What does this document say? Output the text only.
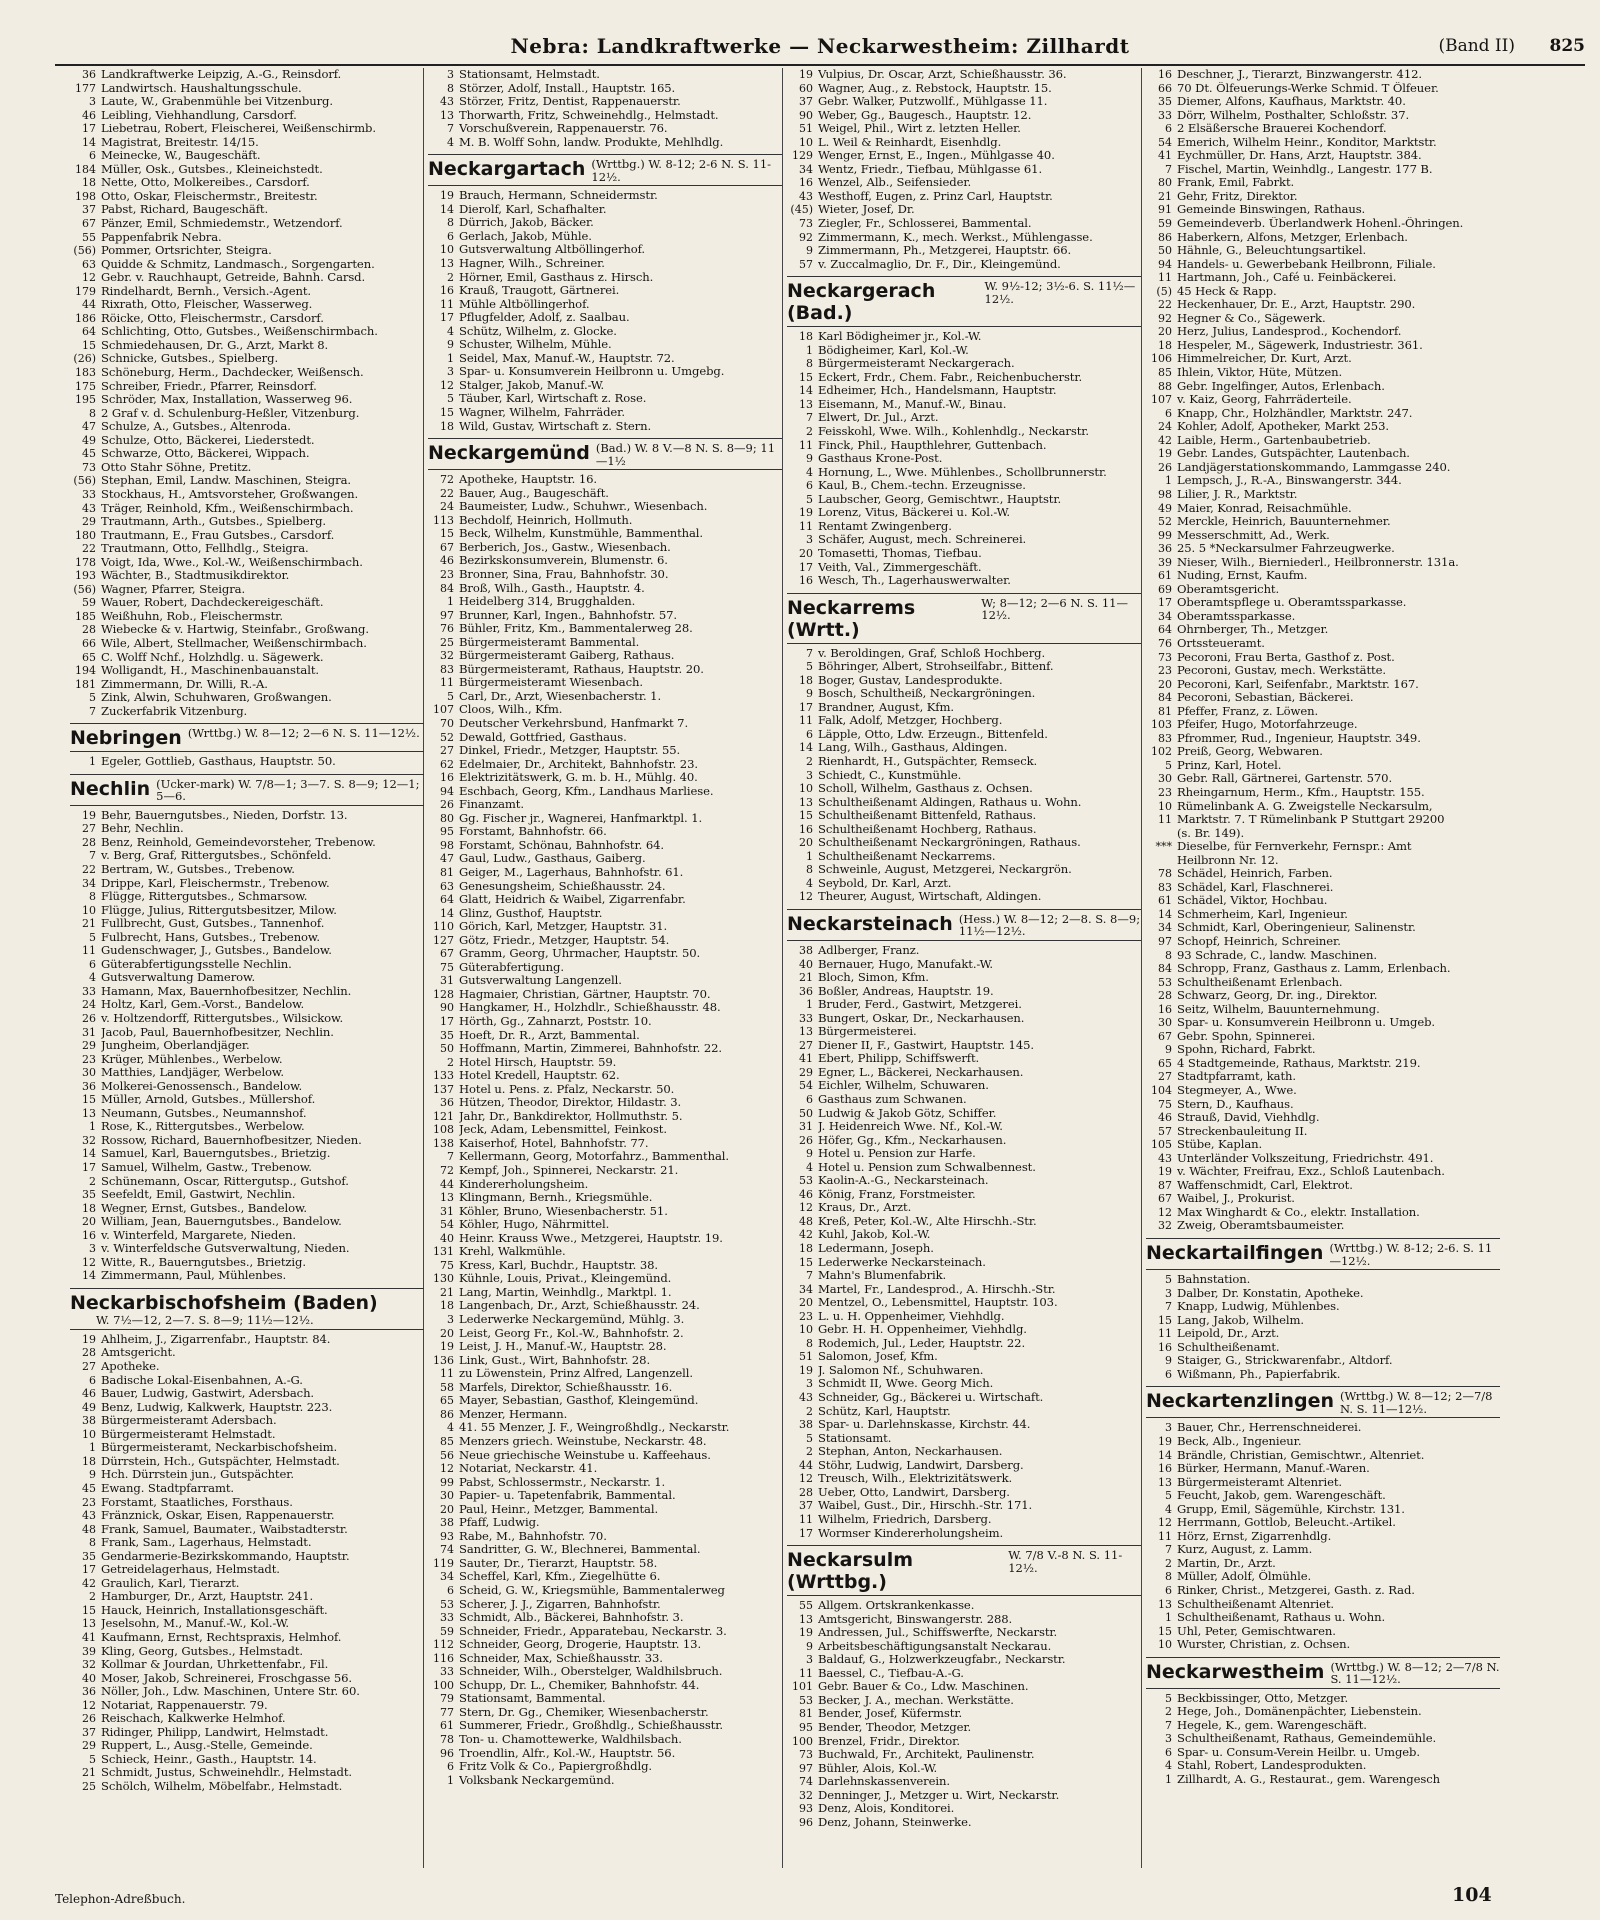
Nebra: Landkraftwerke — Neckarwestheim: Zillhardt	(Band II) 825
36 Landkraftwerke Leipzig, A.-G., Reinsdorf.
177 Landwirtsch. Haushaltungsschule.
3 Laute, W., Grabenmühle bei Vitzenburg.
46 Leibling, Viehhandlung, Carsdorf.
17 Liebetrau, Robert, Fleischerei, Weißenschirmb.
14 Magistrat, Breitestr. 14/15.
6 Meinecke, W., Baugeschäft.
184 Müller, Osk., Gutsbes., Kleineichstedt.
18 Nette, Otto, Molkereibes., Carsdorf.
198 Otto, Oskar, Fleischermstr., Breitestr.
37 Pabst, Richard, Baugeschäft.
67 Pänzer, Emil, Schmiedemstr., Wetzendorf.
55 Pappenfabrik Nebra.
(56) Pommer, Ortsrichter, Steigra.
63 Quidde & Schmitz, Landmasch., Sorgengarten.
12 Gebr. v. Rauchhaupt, Getreide, Bahnh. Carsd.
179 Rindelhardt, Bernh., Versich.-Agent.
44 Rixrath, Otto, Fleischer, Wasserweg.
186 Röicke, Otto, Fleischermstr., Carsdorf.
64 Schlichting, Otto, Gutsbes., Weißenschirmbach.
15 Schmiedehausen, Dr. G., Arzt, Markt 8.
(26) Schnicke, Gutsbes., Spielberg.
183 Schöneburg, Herm., Dachdecker, Weißensch.
175 Schreiber, Friedr., Pfarrer, Reinsdorf.
195 Schröder, Max, Installation, Wasserweg 96.
8 2 Graf v. d. Schulenburg-Heßler, Vitzenburg.
47 Schulze, A., Gutsbes., Altenroda.
49 Schulze, Otto, Bäckerei, Liederstedt.
45 Schwarze, Otto, Bäckerei, Wippach.
73 Otto Stahr Söhne, Pretitz.
(56) Stephan, Emil, Landw. Maschinen, Steigra.
33 Stockhaus, H., Amtsvorsteher, Großwangen.
43 Träger, Reinhold, Kfm., Weißenschirmbach.
29 Trautmann, Arth., Gutsbes., Spielberg.
180 Trautmann, E., Frau Gutsbes., Carsdorf.
22 Trautmann, Otto, Fellhdlg., Steigra.
178 Voigt, Ida, Wwe., Kol.-W., Weißenschirmbach.
193 Wächter, B., Stadtmusikdirektor.
(56) Wagner, Pfarrer, Steigra.
59 Wauer, Robert, Dachdeckereigeschäft.
185 Weißhuhn, Rob., Fleischermstr.
28 Wiebecke & v. Hartwig, Steinfabr., Großwang.
66 Wile, Albert, Stellmacher, Weißenschirmbach.
65 C. Wolff Nchf., Holzhdlg. u. Sägewerk.
194 Wolligandt, H., Maschinenbauanstalt.
181 Zimmermann, Dr. Willi, R.-A.
5 Zink, Alwin, Schuhwaren, Großwangen.
7 Zuckerfabrik Vitzenburg.
Nebringen (Wrttbg.) W. 8—12; 2—6 N. S. 11—12½.
1 Egeler, Gottlieb, Gasthaus, Hauptstr. 50.
Nechlin (Ucker-mark) W. 7/8—1; 3—7. S. 8—9; 12—1; 5—6.
19 Behr, Bauerngutsbes., Nieden, Dorfstr. 13.
27 Behr, Nechlin.
28 Benz, Reinhold, Gemeindevorsteher, Trebenow.
7 v. Berg, Graf, Rittergutsbes., Schönfeld.
22 Bertram, W., Gutsbes., Trebenow.
34 Drippe, Karl, Fleischermstr., Trebenow.
8 Flügge, Rittergutsbes., Schmarsow.
10 Flügge, Julius, Rittergutsbesitzer, Milow.
21 Fullbrecht, Gust, Gutsbes., Tannenhof.
5 Fulbrecht, Hans, Gutsbes., Trebenow.
11 Gudenschwager, J., Gutsbes., Bandelow.
6 Güterabfertigungsstelle Nechlin.
4 Gutsverwaltung Damerow.
33 Hamann, Max, Bauernhofbesitzer, Nechlin.
24 Holtz, Karl, Gem.-Vorst., Bandelow.
26 v. Holtzendorff, Rittergutsbes., Wilsickow.
31 Jacob, Paul, Bauernhofbesitzer, Nechlin.
29 Jungheim, Oberlandjäger.
23 Krüger, Mühlenbes., Werbelow.
30 Matthies, Landjäger, Werbelow.
36 Molkerei-Genossensch., Bandelow.
15 Müller, Arnold, Gutsbes., Müllershof.
13 Neumann, Gutsbes., Neumannshof.
1 Rose, K., Rittergutsbes., Werbelow.
32 Rossow, Richard, Bauernhofbesitzer, Nieden.
14 Samuel, Karl, Bauerngutsbes., Brietzig.
17 Samuel, Wilhelm, Gastw., Trebenow.
2 Schünemann, Oscar, Rittergutsp., Gutshof.
35 Seefeldt, Emil, Gastwirt, Nechlin.
18 Wegner, Ernst, Gutsbes., Bandelow.
20 William, Jean, Bauerngutsbes., Bandelow.
16 v. Winterfeld, Margarete, Nieden.
3 v. Winterfeldsche Gutsverwaltung, Nieden.
12 Witte, R., Bauerngutsbes., Brietzig.
14 Zimmermann, Paul, Mühlenbes.
Neckarbischofsheim (Baden)
W. 7½—12, 2—7. S. 8—9; 11½—12½.
19 Ahlheim, J., Zigarrenfabr., Hauptstr. 84.
28 Amtsgericht.
27 Apotheke.
6 Badische Lokal-Eisenbahnen, A.-G.
46 Bauer, Ludwig, Gastwirt, Adersbach.
49 Benz, Ludwig, Kalkwerk, Hauptstr. 223.
38 Bürgermeisteramt Adersbach.
10 Bürgermeisteramt Helmstadt.
1 Bürgermeisteramt, Neckarbischofsheim.
18 Dürrstein, Hch., Gutspächter, Helmstadt.
9 Hch. Dürrstein jun., Gutspächter.
45 Ewang. Stadtpfarramt.
23 Forstamt, Staatliches, Forsthaus.
43 Fränznick, Oskar, Eisen, Rappenauerstr.
48 Frank, Samuel, Baumater., Waibstadterstr.
8 Frank, Sam., Lagerhaus, Helmstadt.
35 Gendarmerie-Bezirkskommando, Hauptstr.
17 Getreidelagerhaus, Helmstadt.
42 Graulich, Karl, Tierarzt.
2 Hamburger, Dr., Arzt, Hauptstr. 241.
15 Hauck, Heinrich, Installationsgeschäft.
13 Jeselsohn, M., Manuf.-W., Kol.-W.
41 Kaufmann, Ernst, Rechtspraxis, Helmhof.
39 Kling, Georg, Gutsbes., Helmstadt.
32 Kollmar & Jourdan, Uhrkettenfabr., Fil.
40 Moser, Jakob, Schreinerei, Froschgasse 56.
36 Nöller, Joh., Ldw. Maschinen, Untere Str. 60.
12 Notariat, Rappenauerstr. 79.
26 Reischach, Kalkwerke Helmhof.
37 Ridinger, Philipp, Landwirt, Helmstadt.
29 Ruppert, L., Ausg.-Stelle, Gemeinde.
5 Schieck, Heinr., Gasth., Hauptstr. 14.
21 Schmidt, Justus, Schweinehdlr., Helmstadt.
25 Schölch, Wilhelm, Möbelfabr., Helmstadt.
3 Stationsamt, Helmstadt.
8 Störzer, Adolf, Install., Hauptstr. 165.
43 Störzer, Fritz, Dentist, Rappenauerstr.
13 Thorwarth, Fritz, Schweinehdlg., Helmstadt.
7 Vorschußverein, Rappenauerstr. 76.
4 M. B. Wolff Sohn, landw. Produkte, Mehlhdlg.
Neckargartach (Wrttbg.) W. 8-12; 2-6 N. S. 11-12½.
19 Brauch, Hermann, Schneidermstr.
14 Dierolf, Karl, Schafhalter.
8 Dürrich, Jakob, Bäcker.
6 Gerlach, Jakob, Mühle.
10 Gutsverwaltung Altböllingerhof.
13 Hagner, Wilh., Schreiner.
2 Hörner, Emil, Gasthaus z. Hirsch.
16 Krauß, Traugott, Gärtnerei.
11 Mühle Altböllingerhof.
17 Pflugfelder, Adolf, z. Saalbau.
4 Schütz, Wilhelm, z. Glocke.
9 Schuster, Wilhelm, Mühle.
1 Seidel, Max, Manuf.-W., Hauptstr. 72.
3 Spar- u. Konsumverein Heilbronn u. Umgebg.
12 Stalger, Jakob, Manuf.-W.
5 Täuber, Karl, Wirtschaft z. Rose.
15 Wagner, Wilhelm, Fahrräder.
18 Wild, Gustav, Wirtschaft z. Stern.
Neckargemünd (Bad.) W. 8 V.—8 N. S. 8—9; 11—1½
72 Apotheke, Hauptstr. 16.
22 Bauer, Aug., Baugeschäft.
24 Baumeister, Ludw., Schuhwr., Wiesenbach.
113 Bechdolf, Heinrich, Hollmuth.
15 Beck, Wilhelm, Kunstmühle, Bammenthal.
67 Berberich, Jos., Gastw., Wiesenbach.
46 Bezirkskonsumverein, Blumenstr. 6.
23 Bronner, Sina, Frau, Bahnhofstr. 30.
84 Broß, Wilh., Gasth., Hauptstr. 4.
1 Heidelberg 314, Brugghalden.
97 Brunner, Karl, Ingen., Bahnhofstr. 57.
76 Bühler, Fritz, Km., Bammentalerweg 28.
25 Bürgermeisteramt Bammental.
32 Bürgermeisteramt Gaiberg, Rathaus.
83 Bürgermeisteramt, Rathaus, Hauptstr. 20.
11 Bürgermeisteramt Wiesenbach.
5 Carl, Dr., Arzt, Wiesenbacherstr. 1.
107 Cloos, Wilh., Kfm.
70 Deutscher Verkehrsbund, Hanfmarkt 7.
52 Dewald, Gottfried, Gasthaus.
27 Dinkel, Friedr., Metzger, Hauptstr. 55.
62 Edelmaier, Dr., Architekt, Bahnhofstr. 23.
16 Elektrizitätswerk, G. m. b. H., Mühlg. 40.
94 Eschbach, Georg, Kfm., Landhaus Marliese.
26 Finanzamt.
80 Gg. Fischer jr., Wagnerei, Hanfmarktpl. 1.
95 Forstamt, Bahnhofstr. 66.
98 Forstamt, Schönau, Bahnhofstr. 64.
47 Gaul, Ludw., Gasthaus, Gaiberg.
81 Geiger, M., Lagerhaus, Bahnhofstr. 61.
63 Genesungsheim, Schießhausstr. 24.
64 Glatt, Heidrich & Waibel, Zigarrenfabr.
14 Glinz, Gusthof, Hauptstr.
110 Görich, Karl, Metzger, Hauptstr. 31.
127 Götz, Friedr., Metzger, Hauptstr. 54.
67 Gramm, Georg, Uhrmacher, Hauptstr. 50.
75 Güterabfertigung.
31 Gutsverwaltung Langenzell.
128 Hagmaier, Christian, Gärtner, Hauptstr. 70.
90 Hangkamer, H., Holzhdlr., Schießhausstr. 48.
17 Hörth, Gg., Zahnarzt, Poststr. 10.
35 Hoeft, Dr. R., Arzt, Bammental.
50 Hoffmann, Martin, Zimmerei, Bahnhofstr. 22.
2 Hotel Hirsch, Hauptstr. 59.
133 Hotel Kredell, Hauptstr. 62.
137 Hotel u. Pens. z. Pfalz, Neckarstr. 50.
36 Hützen, Theodor, Direktor, Hildastr. 3.
121 Jahr, Dr., Bankdirektor, Hollmuthstr. 5.
108 Jeck, Adam, Lebensmittel, Feinkost.
138 Kaiserhof, Hotel, Bahnhofstr. 77.
7 Kellermann, Georg, Motorfahrz., Bammenthal.
72 Kempf, Joh., Spinnerei, Neckarstr. 21.
44 Kindererholungsheim.
13 Klingmann, Bernh., Kriegsmühle.
31 Köhler, Bruno, Wiesenbacherstr. 51.
54 Köhler, Hugo, Nährmittel.
40 Heinr. Krauss Wwe., Metzgerei, Hauptstr. 19.
131 Krehl, Walkmühle.
75 Kress, Karl, Buchdr., Hauptstr. 38.
130 Kühnle, Louis, Privat., Kleingemünd.
21 Lang, Martin, Weinhdlg., Marktpl. 1.
18 Langenbach, Dr., Arzt, Schießhausstr. 24.
3 Lederwerke Neckargemünd, Mühlg. 3.
20 Leist, Georg Fr., Kol.-W., Bahnhofstr. 2.
19 Leist, J. H., Manuf.-W., Hauptstr. 28.
136 Link, Gust., Wirt, Bahnhofstr. 28.
11 zu Löwenstein, Prinz Alfred, Langenzell.
58 Marfels, Direktor, Schießhausstr. 16.
65 Mayer, Sebastian, Gasthof, Kleingemünd.
86 Menzer, Hermann.
4 41. 55 Menzer, J. F., Weingroßhdlg., Neckarstr.
85 Menzers griech. Weinstube, Neckarstr. 48.
56 Neue griechische Weinstube u. Kaffeehaus.
12 Notariat, Neckarstr. 41.
99 Pabst, Schlossermstr., Neckarstr. 1.
30 Papier- u. Tapetenfabrik, Bammental.
20 Paul, Heinr., Metzger, Bammental.
38 Pfaff, Ludwig.
93 Rabe, M., Bahnhofstr. 70.
74 Sandritter, G. W., Blechnerei, Bammental.
119 Sauter, Dr., Tierarzt, Hauptstr. 58.
34 Scheffel, Karl, Kfm., Ziegelhütte 6.
6 Scheid, G. W., Kriegsmühle, Bammentalerweg
53 Scherer, J. J., Zigarren, Bahnhofstr.
33 Schmidt, Alb., Bäckerei, Bahnhofstr. 3.
59 Schneider, Friedr., Apparatebau, Neckarstr. 3.
112 Schneider, Georg, Drogerie, Hauptstr. 13.
116 Schneider, Max, Schießhausstr. 33.
33 Schneider, Wilh., Oberstelger, Waldhilsbruch.
100 Schupp, Dr. L., Chemiker, Bahnhofstr. 44.
79 Stationsamt, Bammental.
77 Stern, Dr. Gg., Chemiker, Wiesenbacherstr.
61 Summerer, Friedr., Großhdlg., Schießhausstr.
78 Ton- u. Chamottewerke, Waldhilsbach.
96 Troendlin, Alfr., Kol.-W., Hauptstr. 56.
6 Fritz Volk & Co., Papiergroßhdlg.
1 Volksbank Neckargemünd.
19 Vulpius, Dr. Oscar, Arzt, Schießhausstr. 36.
60 Wagner, Aug., z. Rebstock, Hauptstr. 15.
37 Gebr. Walker, Putzwollf., Mühlgasse 11.
90 Weber, Gg., Baugesch., Hauptstr. 12.
51 Weigel, Phil., Wirt z. letzten Heller.
10 L. Weil & Reinhardt, Eisenhdlg.
129 Wenger, Ernst, E., Ingen., Mühlgasse 40.
34 Wentz, Friedr., Tiefbau, Mühlgasse 61.
16 Wenzel, Alb., Seifensieder.
43 Westhoff, Eugen, z. Prinz Carl, Hauptstr.
(45) Wieter, Josef, Dr.
73 Ziegler, Fr., Schlosserei, Bammental.
92 Zimmermann, K., mech. Werkst., Mühlengasse.
9 Zimmermann, Ph., Metzgerei, Hauptstr. 66.
57 v. Zuccalmaglio, Dr. F., Dir., Kleingemünd.
Neckargerach (Bad.)
W. 9½-12; 3½-6. S. 11½—12½.
18 Karl Bödigheimer jr., Kol.-W.
1 Bödigheimer, Karl, Kol.-W.
8 Bürgermeisteramt Neckargerach.
15 Eckert, Frdr., Chem. Fabr., Reichenbucherstr.
14 Edheimer, Hch., Handelsmann, Hauptstr.
13 Eisemann, M., Manuf.-W., Binau.
7 Elwert, Dr. Jul., Arzt.
2 Feisskohl, Wwe. Wilh., Kohlenhdlg., Neckarstr.
11 Finck, Phil., Haupthlehrer, Guttenbach.
9 Gasthaus Krone-Post.
4 Hornung, L., Wwe. Mühlenbes., Schollbrunnerstr.
6 Kaul, B., Chem.-techn. Erzeugnisse.
5 Laubscher, Georg, Gemischtwr., Hauptstr.
19 Lorenz, Vitus, Bäckerei u. Kol.-W.
11 Rentamt Zwingenberg.
3 Schäfer, August, mech. Schreinerei.
20 Tomasetti, Thomas, Tiefbau.
17 Veith, Val., Zimmergeschäft.
16 Wesch, Th., Lagerhauswerwalter.
Neckarrems (Wrtt.)
W; 8—12; 2—6 N. S. 11—12½.
7 v. Beroldingen, Graf, Schloß Hochberg.
5 Böhringer, Albert, Strohseilfabr., Bittenf.
18 Boger, Gustav, Landesprodukte.
9 Bosch, Schultheiß, Neckargröningen.
17 Brandner, August, Kfm.
11 Falk, Adolf, Metzger, Hochberg.
6 Läpple, Otto, Ldw. Erzeugn., Bittenfeld.
14 Lang, Wilh., Gasthaus, Aldingen.
2 Rienhardt, H., Gutspächter, Remseck.
3 Schiedt, C., Kunstmühle.
10 Scholl, Wilhelm, Gasthaus z. Ochsen.
13 Schultheißenamt Aldingen, Rathaus u. Wohn.
15 Schultheißenamt Bittenfeld, Rathaus.
16 Schultheißenamt Hochberg, Rathaus.
20 Schultheißenamt Neckargröningen, Rathaus.
1 Schultheißenamt Neckarrems.
8 Schweinle, August, Metzgerei, Neckargrön.
4 Seybold, Dr. Karl, Arzt.
12 Theurer, August, Wirtschaft, Aldingen.
Neckarsteinach (Hess.) W. 8—12; 2—8. S. 8—9; 11½—12½.
38 Adlberger, Franz.
40 Bernauer, Hugo, Manufakt.-W.
21 Bloch, Simon, Kfm.
36 Boßler, Andreas, Hauptstr. 19.
1 Bruder, Ferd., Gastwirt, Metzgerei.
33 Bungert, Oskar, Dr., Neckarhausen.
13 Bürgermeisterei.
27 Diener II, F., Gastwirt, Hauptstr. 145.
41 Ebert, Philipp, Schiffswerft.
29 Egner, L., Bäckerei, Neckarhausen.
54 Eichler, Wilhelm, Schuwaren.
6 Gasthaus zum Schwanen.
50 Ludwig & Jakob Götz, Schiffer.
31 J. Heidenreich Wwe. Nf., Kol.-W.
26 Höfer, Gg., Kfm., Neckarhausen.
9 Hotel u. Pension zur Harfe.
4 Hotel u. Pension zum Schwalbennest.
53 Kaolin-A.-G., Neckarsteinach.
46 König, Franz, Forstmeister.
12 Kraus, Dr., Arzt.
48 Kreß, Peter, Kol.-W., Alte Hirschh.-Str.
42 Kuhl, Jakob, Kol.-W.
18 Ledermann, Joseph.
15 Lederwerke Neckarsteinach.
7 Mahn's Blumenfabrik.
34 Martel, Fr., Landesprod., A. Hirschh.-Str.
20 Mentzel, O., Lebensmittel, Hauptstr. 103.
23 L. u. H. Oppenheimer, Viehhdlg.
10 Gebr. H. H. Oppenheimer, Viehhdlg.
8 Rodemich, Jul., Leder, Hauptstr. 22.
51 Salomon, Josef, Kfm.
19 J. Salomon Nf., Schuhwaren.
3 Schmidt II, Wwe. Georg Mich.
43 Schneider, Gg., Bäckerei u. Wirtschaft.
2 Schütz, Karl, Hauptstr.
38 Spar- u. Darlehnskasse, Kirchstr. 44.
5 Stationsamt.
2 Stephan, Anton, Neckarhausen.
44 Stöhr, Ludwig, Landwirt, Darsberg.
12 Treusch, Wilh., Elektrizitätswerk.
28 Ueber, Otto, Landwirt, Darsberg.
37 Waibel, Gust., Dir., Hirschh.-Str. 171.
11 Wilhelm, Friedrich, Darsberg.
17 Wormser Kindererholungsheim.
Neckarsulm (Wrttbg.)
W. 7/8 V.-8 N. S. 11-12½.
55 Allgem. Ortskrankenkasse.
13 Amtsgericht, Binswangerstr. 288.
19 Andressen, Jul., Schiffswerfte, Neckarstr.
9 Arbeitsbeschäftigungsanstalt Neckarau.
3 Baldauf, G., Holzwerkzeugfabr., Neckarstr.
11 Baessel, C., Tiefbau-A.-G.
101 Gebr. Bauer & Co., Ldw. Maschinen.
53 Becker, J. A., mechan. Werkstätte.
81 Bender, Josef, Küfermstr.
95 Bender, Theodor, Metzger.
100 Brenzel, Fridr., Direktor.
73 Buchwald, Fr., Architekt, Paulinenstr.
97 Bühler, Alois, Kol.-W.
74 Darlehnskassenverein.
32 Denninger, J., Metzger u. Wirt, Neckarstr.
93 Denz, Alois, Konditorei.
96 Denz, Johann, Steinwerke.
16 Deschner, J., Tierarzt, Binzwangerstr. 412.
66 70 Dt. Ölfeuerungs-Werke Schmid. T Ölfeuer.
35 Diemer, Alfons, Kaufhaus, Marktstr. 40.
33 Dörr, Wilhelm, Posthalter, Schloßstr. 37.
6 2 Elsäßersche Brauerei Kochendorf.
54 Emerich, Wilhelm Heinr., Konditor, Marktstr.
41 Eychmüller, Dr. Hans, Arzt, Hauptstr. 384.
7 Fischel, Martin, Weinhdlg., Langestr. 177 B.
80 Frank, Emil, Fabrkt.
21 Gehr, Fritz, Direktor.
91 Gemeinde Binswingen, Rathaus.
59 Gemeindeverb. Überlandwerk Hohenl.-Öhringen.
86 Haberkern, Alfons, Metzger, Erlenbach.
50 Hähnle, G., Beleuchtungsartikel.
94 Handels- u. Gewerbebank Heilbronn, Filiale.
11 Hartmann, Joh., Café u. Feinbäckerei.
(5) 45 Heck & Rapp.
22 Heckenhauer, Dr. E., Arzt, Hauptstr. 290.
92 Hegner & Co., Sägewerk.
20 Herz, Julius, Landesprod., Kochendorf.
18 Hespeler, M., Sägewerk, Industriestr. 361.
106 Himmelreicher, Dr. Kurt, Arzt.
85 Ihlein, Viktor, Hüte, Mützen.
88 Gebr. Ingelfinger, Autos, Erlenbach.
107 v. Kaiz, Georg, Fahrräderteile.
6 Knapp, Chr., Holzhändler, Marktstr. 247.
24 Kohler, Adolf, Apotheker, Markt 253.
42 Laible, Herm., Gartenbaubetrieb.
19 Gebr. Landes, Gutspächter, Lautenbach.
26 Landjägerstationskommando, Lammgasse 240.
1 Lempsch, J., R.-A., Binswangerstr. 344.
98 Lilier, J. R., Marktstr.
49 Maier, Konrad, Reisachmühle.
52 Merckle, Heinrich, Bauunternehmer.
99 Messerschmitt, Ad., Werk.
36 25. 5 *Neckarsulmer Fahrzeugwerke.
39 Nieser, Wilh., Bierniederl., Heilbronnerstr. 131a.
61 Nuding, Ernst, Kaufm.
69 Oberamtsgericht.
17 Oberamtspflege u. Oberamtssparkasse.
34 Oberamtssparkasse.
64 Ohrnberger, Th., Metzger.
76 Ortssteueramt.
73 Pecoroni, Frau Berta, Gasthof z. Post.
23 Pecoroni, Gustav, mech. Werkstätte.
20 Pecoroni, Karl, Seifenfabr., Marktstr. 167.
84 Pecoroni, Sebastian, Bäckerei.
81 Pfeffer, Franz, z. Löwen.
103 Pfeifer, Hugo, Motorfahrzeuge.
83 Pfrommer, Rud., Ingenieur, Hauptstr. 349.
102 Preiß, Georg, Webwaren.
5 Prinz, Karl, Hotel.
30 Gebr. Rall, Gärtnerei, Gartenstr. 570.
23 Rheingarnum, Herm., Kfm., Hauptstr. 155.
10 Rümelinbank A. G. Zweigstelle Neckarsulm,
11 Marktstr. 7. T Rümelinbank P Stuttgart 29200
(s. Br. 149).
*** Dieselbe, für Fernverkehr, Fernspr.: Amt
Heilbronn Nr. 12.
78 Schädel, Heinrich, Farben.
83 Schädel, Karl, Flaschnerei.
61 Schädel, Viktor, Hochbau.
14 Schmerheim, Karl, Ingenieur.
34 Schmidt, Karl, Oberingenieur, Salinenstr.
97 Schopf, Heinrich, Schreiner.
8 93 Schrade, C., landw. Maschinen.
84 Schropp, Franz, Gasthaus z. Lamm, Erlenbach.
53 Schultheißenamt Erlenbach.
28 Schwarz, Georg, Dr. ing., Direktor.
16 Seitz, Wilhelm, Bauunternehmung.
30 Spar- u. Konsumverein Heilbronn u. Umgeb.
67 Gebr. Spohn, Spinnerei.
9 Spohn, Richard, Fabrkt.
65 4 Stadtgemeinde, Rathaus, Marktstr. 219.
27 Stadtpfarramt, kath.
104 Stegmeyer, A., Wwe.
75 Stern, D., Kaufhaus.
46 Strauß, David, Viehhdlg.
57 Streckenbauleitung II.
105 Stübe, Kaplan.
43 Unterländer Volkszeitung, Friedrichstr. 491.
19 v. Wächter, Freifrau, Exz., Schloß Lautenbach.
87 Waffenschmidt, Carl, Elektrot.
67 Waibel, J., Prokurist.
12 Max Winghardt & Co., elektr. Installation.
32 Zweig, Oberamtsbaumeister.
Neckartailfingen (Wrttbg.) W. 8-12; 2-6. S. 11—12½.
5 Bahnstation.
3 Dalber, Dr. Konstatin, Apotheke.
7 Knapp, Ludwig, Mühlenbes.
15 Lang, Jakob, Wilhelm.
11 Leipold, Dr., Arzt.
16 Schultheißenamt.
9 Staiger, G., Strickwarenfabr., Altdorf.
6 Wißmann, Ph., Papierfabrik.
Neckartenzlingen (Wrttbg.) W. 8—12; 2—7/8 N. S. 11—12½.
3 Bauer, Chr., Herrenschneiderei.
19 Beck, Alb., Ingenieur.
14 Brändle, Christian, Gemischtwr., Altenriet.
16 Bürker, Hermann, Manuf.-Waren.
13 Bürgermeisteramt Altenriet.
5 Feucht, Jakob, gem. Warengeschäft.
4 Grupp, Emil, Sägemühle, Kirchstr. 131.
12 Herrmann, Gottlob, Beleucht.-Artikel.
11 Hörz, Ernst, Zigarrenhdlg.
7 Kurz, August, z. Lamm.
2 Martin, Dr., Arzt.
8 Müller, Adolf, Ölmühle.
6 Rinker, Christ., Metzgerei, Gasth. z. Rad.
13 Schultheißenamt Altenriet.
1 Schultheißenamt, Rathaus u. Wohn.
15 Uhl, Peter, Gemischtwaren.
10 Wurster, Christian, z. Ochsen.
Neckarwestheim (Wrttbg.) W. 8—12; 2—7/8 N. S. 11—12½.
5 Beckbissinger, Otto, Metzger.
2 Hege, Joh., Domänenpächter, Liebenstein.
7 Hegele, K., gem. Warengeschäft.
3 Schultheißenamt, Rathaus, Gemeindemühle.
6 Spar- u. Consum-Verein Heilbr. u. Umgeb.
4 Stahl, Robert, Landesprodukten.
1 Zillhardt, A. G., Restaurat., gem. Warengesch
Telephon-Adreßbuch.	104
